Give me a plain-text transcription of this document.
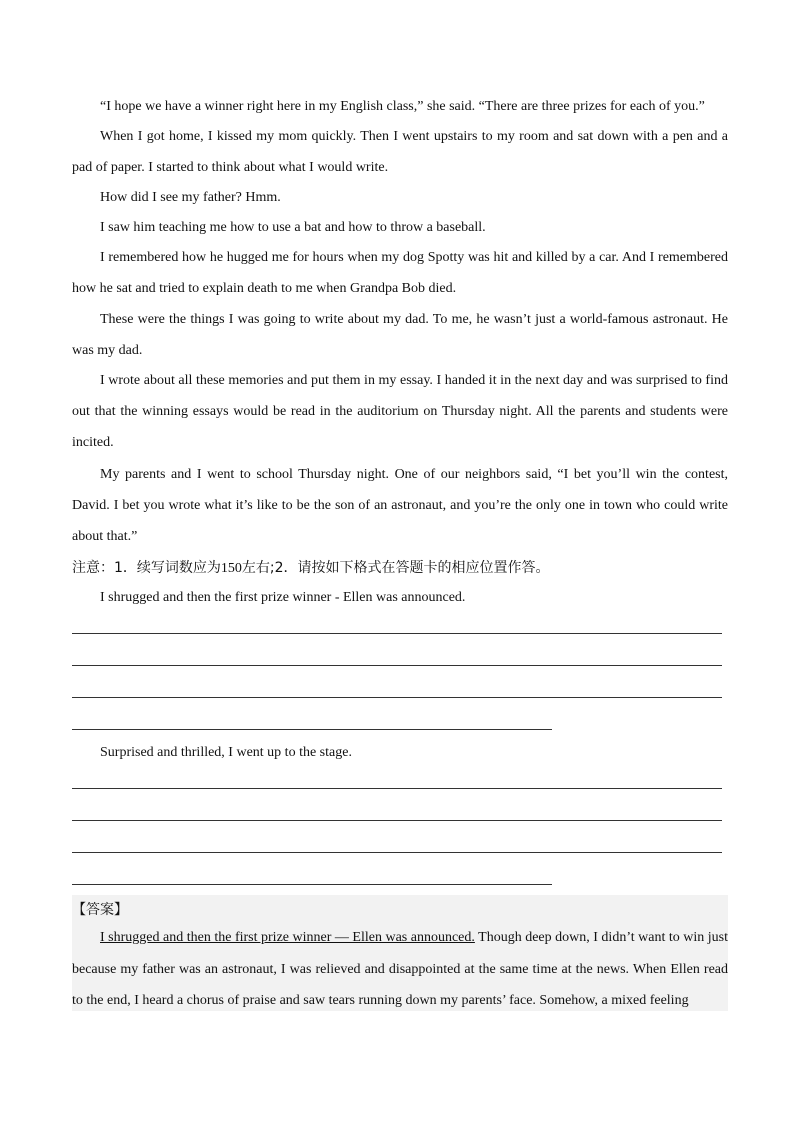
“I hope we have a winner right here in my English class,” she said. “There are three prizes for each of you.”

When I got home, I kissed my mom quickly. Then I went upstairs to my room and sat down with a pen and a pad of paper. I started to think about what I would write.

How did I see my father? Hmm.

I saw him teaching me how to use a bat and how to throw a baseball.

I remembered how he hugged me for hours when my dog Spotty was hit and killed by a car. And I remembered how he sat and tried to explain death to me when Grandpa Bob died.

These were the things I was going to write about my dad. To me, he wasn’t just a world-famous astronaut. He was my dad.

I wrote about all these memories and put them in my essay. I handed it in the next day and was surprised to find out that the winning essays would be read in the auditorium on Thursday night. All the parents and students were incited.

My parents and I went to school Thursday night. One of our neighbors said, “I bet you’ll win the contest, David. I bet you wrote what it’s like to be the son of an astronaut, and you’re the only one in town who could write about that.”

注意：1．续写词数应为150左右;2．请按如下格式在答题卡的相应位置作答。

I shrugged and then the first prize winner - Ellen was announced.

Surprised and thrilled, I went up to the stage.

【答案】

I shrugged and then the first prize winner — Ellen was announced. Though deep down, I didn’t want to win just because my father was an astronaut, I was relieved and disappointed at the same time at the news. When Ellen read to the end, I heard a chorus of praise and saw tears running down my parents’ face. Somehow, a mixed feeling
